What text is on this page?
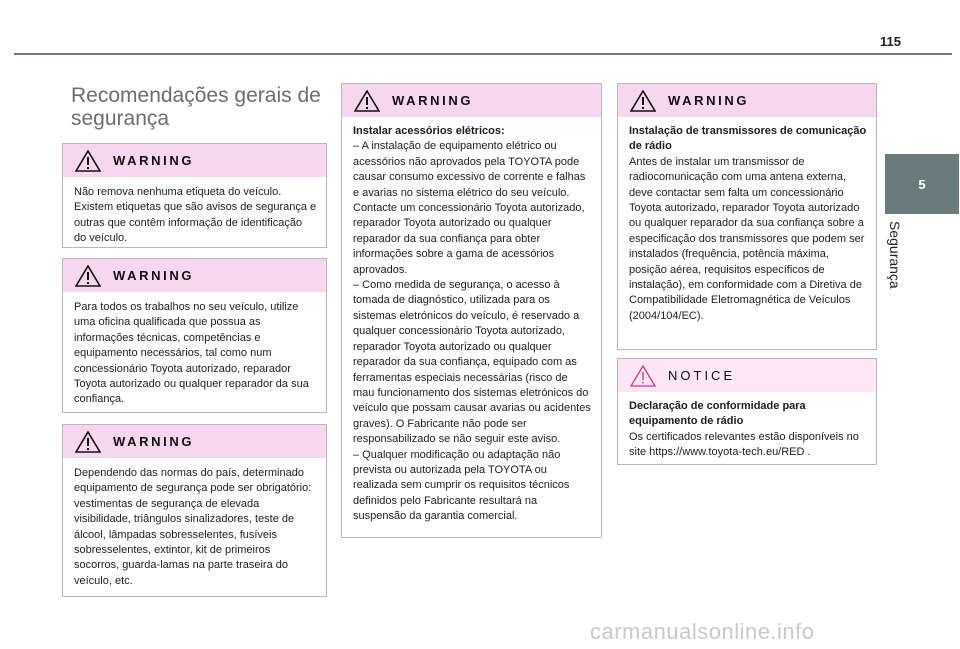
115
5
Segurança
Recomendações gerais de segurança
WARNING

Não remova nenhuma etiqueta do veículo. Existem etiquetas que são avisos de segurança e outras que contêm informação de identificação do veículo.

WARNING

Para todos os trabalhos no seu veículo, utilize uma oficina qualificada que possua as informações técnicas, competências e equipamento necessários, tal como num concessionário Toyota autorizado, reparador Toyota autorizado ou qualquer reparador da sua confiança.

WARNING

Dependendo das normas do país, determinado equipamento de segurança pode ser obrigatório: vestimentas de segurança de elevada visibilidade, triângulos sinalizadores, teste de álcool, lâmpadas sobresselentes, fusíveis sobresselentes, extintor, kit de primeiros socorros, guarda-lamas na parte traseira do veículo, etc.

WARNING

Instalar acessórios elétricos:

– A instalação de equipamento elétrico ou acessórios não aprovados pela TOYOTA pode causar consumo excessivo de corrente e falhas e avarias no sistema elétrico do seu veículo. Contacte um concessionário Toyota autorizado, reparador Toyota autorizado ou qualquer reparador da sua confiança para obter informações sobre a gama de acessórios aprovados.

– Como medida de segurança, o acesso à tomada de diagnóstico, utilizada para os sistemas eletrónicos do veículo, é reservado a qualquer concessionário Toyota autorizado, reparador Toyota autorizado ou qualquer reparador da sua confiança, equipado com as ferramentas especiais necessárias (risco de mau funcionamento dos sistemas eletrónicos do veículo que possam causar avarias ou acidentes graves). O Fabricante não pode ser responsabilizado se não seguir este aviso.

– Qualquer modificação ou adaptação não prevista ou autorizada pela TOYOTA ou realizada sem cumprir os requisitos técnicos definidos pelo Fabricante resultará na suspensão da garantia comercial.

WARNING

Instalação de transmissores de comunicação de rádio

Antes de instalar um transmissor de radiocomunicação com uma antena externa, deve contactar sem falta um concessionário Toyota autorizado, reparador Toyota autorizado ou qualquer reparador da sua confiança sobre a especificação dos transmissores que podem ser instalados (frequência, potência máxima, posição aérea, requisitos específicos de instalação), em conformidade com a Diretiva de Compatibilidade Eletromagnética de Veículos (2004/104/EC).

NOTICE

Declaração de conformidade para equipamento de rádio

Os certificados relevantes estão disponíveis no site https://www.toyota-tech.eu/RED .

carmanualsonline.info
